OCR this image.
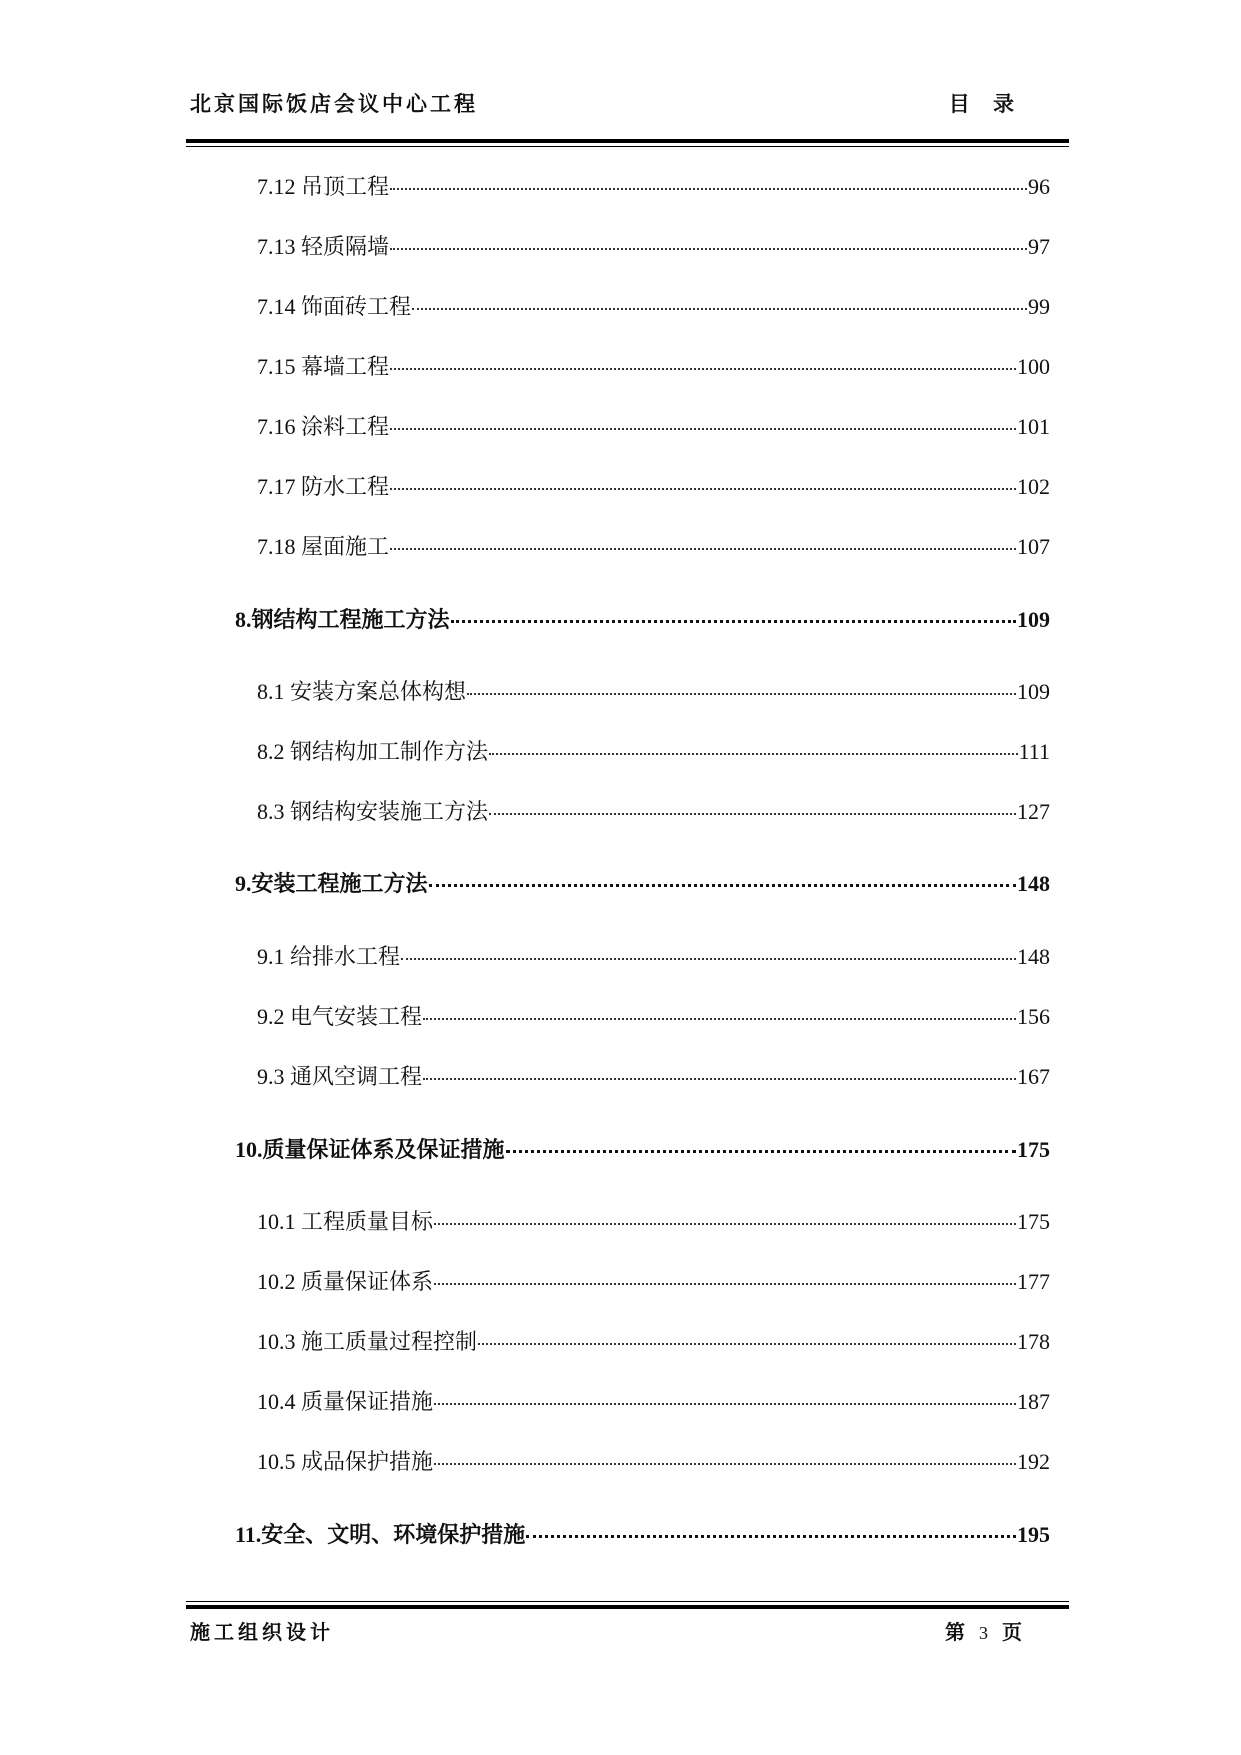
北京国际饭店会议中心工程	目 录
7.12 吊顶工程	96
7.13 轻质隔墙	97
7.14 饰面砖工程	99
7.15 幕墙工程	100
7.16 涂料工程	101
7.17 防水工程	102
7.18 屋面施工	107
8.钢结构工程施工方法	109
8.1 安装方案总体构想	109
8.2 钢结构加工制作方法	111
8.3 钢结构安装施工方法	127
9.安装工程施工方法	148
9.1 给排水工程	148
9.2 电气安装工程	156
9.3 通风空调工程	167
10.质量保证体系及保证措施	175
10.1 工程质量目标	175
10.2 质量保证体系	177
10.3 施工质量过程控制	178
10.4 质量保证措施	187
10.5 成品保护措施	192
11.安全、文明、环境保护措施	195
施工组织设计	第 3 页
